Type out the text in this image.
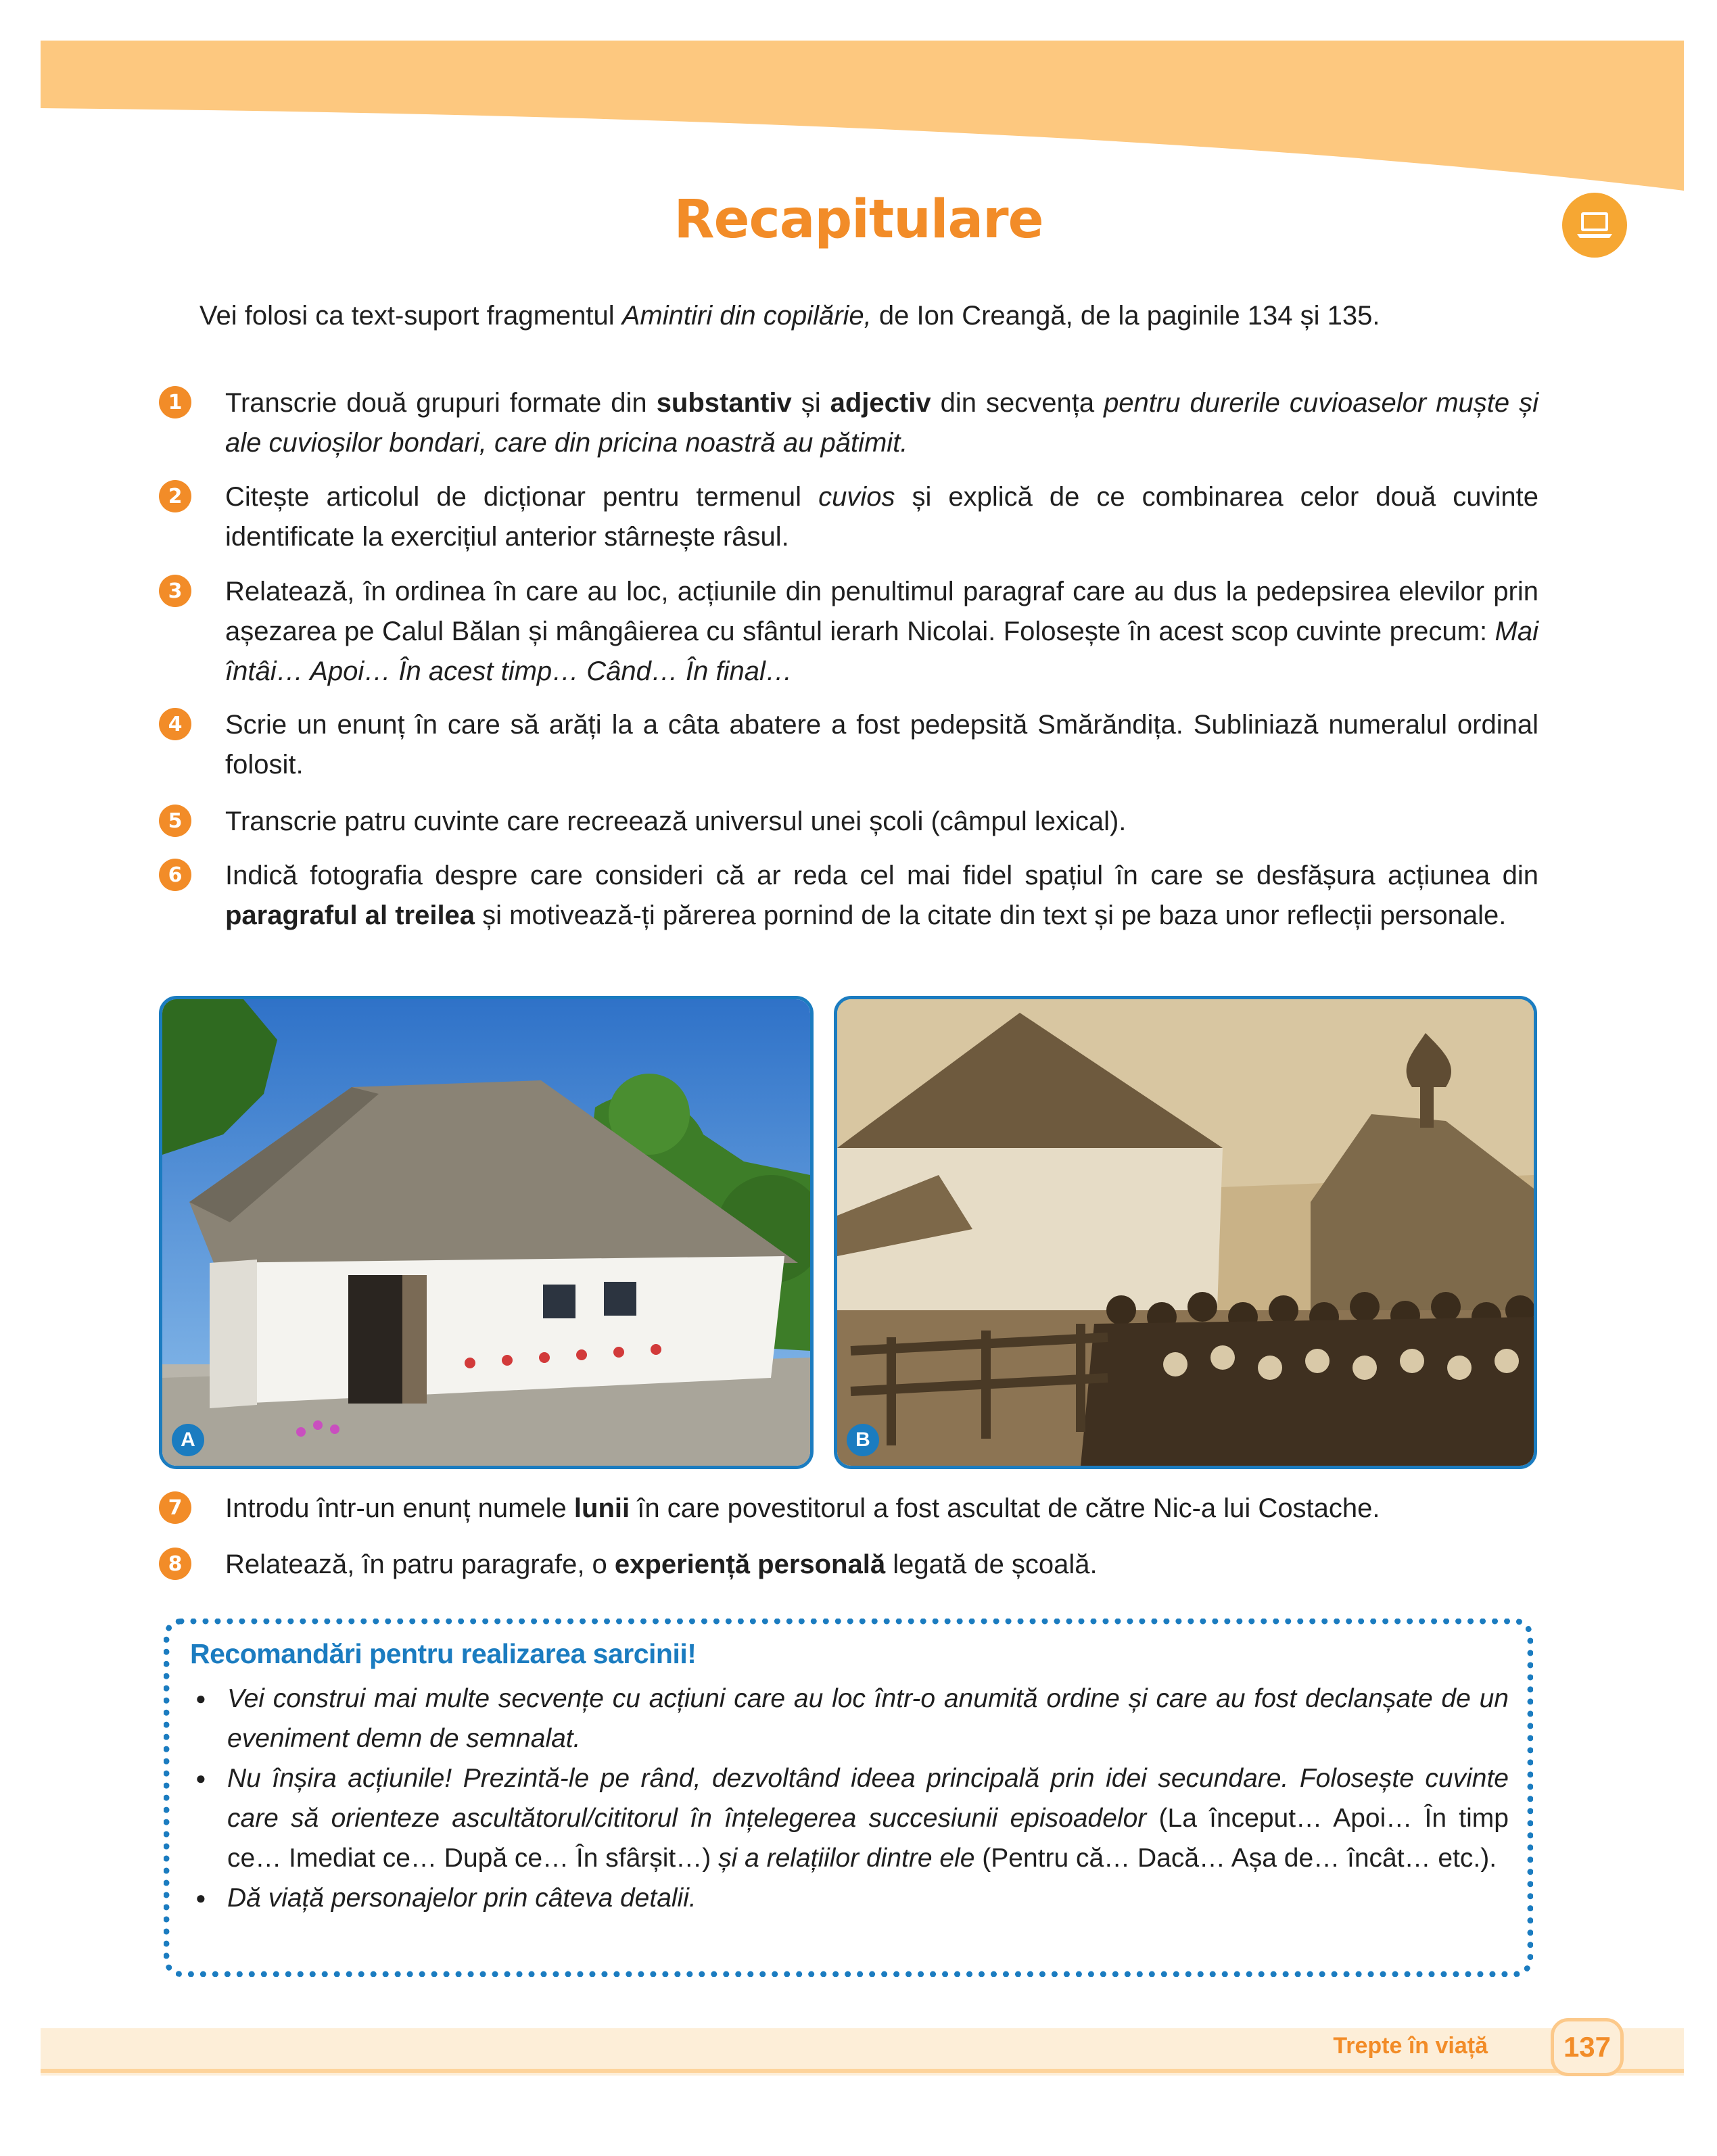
Recapitulare
Vei folosi ca text-suport fragmentul Amintiri din copilărie, de Ion Creangă, de la paginile 134 și 135.
1	Transcrie două grupuri formate din substantiv și adjectiv din secvența pentru durerile cuvioaselor muște și ale cuvioșilor bondari, care din pricina noastră au pătimit.
2	Citește articolul de dicționar pentru termenul cuvios și explică de ce combinarea celor două cuvinte identificate la exercițiul anterior stârnește râsul.
3	Relatează, în ordinea în care au loc, acțiunile din penultimul paragraf care au dus la pedepsirea elevilor prin așezarea pe Calul Bălan și mângâierea cu sfântul ierarh Nicolai. Folosește în acest scop cuvinte precum: Mai întâi… Apoi… În acest timp… Când… În final…
4	Scrie un enunț în care să arăți la a câta abatere a fost pedepsită Smărăndița. Subliniază numeralul ordinal folosit.
5	Transcrie patru cuvinte care recreează universul unei școli (câmpul lexical).
6	Indică fotografia despre care consideri că ar reda cel mai fidel spațiul în care se desfășura acțiunea din paragraful al treilea și motivează-ți părerea pornind de la citate din text și pe baza unor reflecții personale.
A	B
7	Introdu într-un enunț numele lunii în care povestitorul a fost ascultat de către Nic-a lui Costache.
8	Relatează, în patru paragrafe, o experiență personală legată de școală.
Recomandări pentru realizarea sarcinii!
● Vei construi mai multe secvențe cu acțiuni care au loc într-o anumită ordine și care au fost declanșate de un eveniment demn de semnalat.
● Nu înșira acțiunile! Prezintă-le pe rând, dezvoltând ideea principală prin idei secundare. Folosește cuvinte care să orienteze ascultătorul/cititorul în înțelegerea succesiunii episoadelor (La început… Apoi… În timp ce… Imediat ce… După ce… În sfârșit…) și a relațiilor dintre ele (Pentru că… Dacă… Așa de… încât… etc.).
● Dă viață personajelor prin câteva detalii.
Trepte în viață	137
